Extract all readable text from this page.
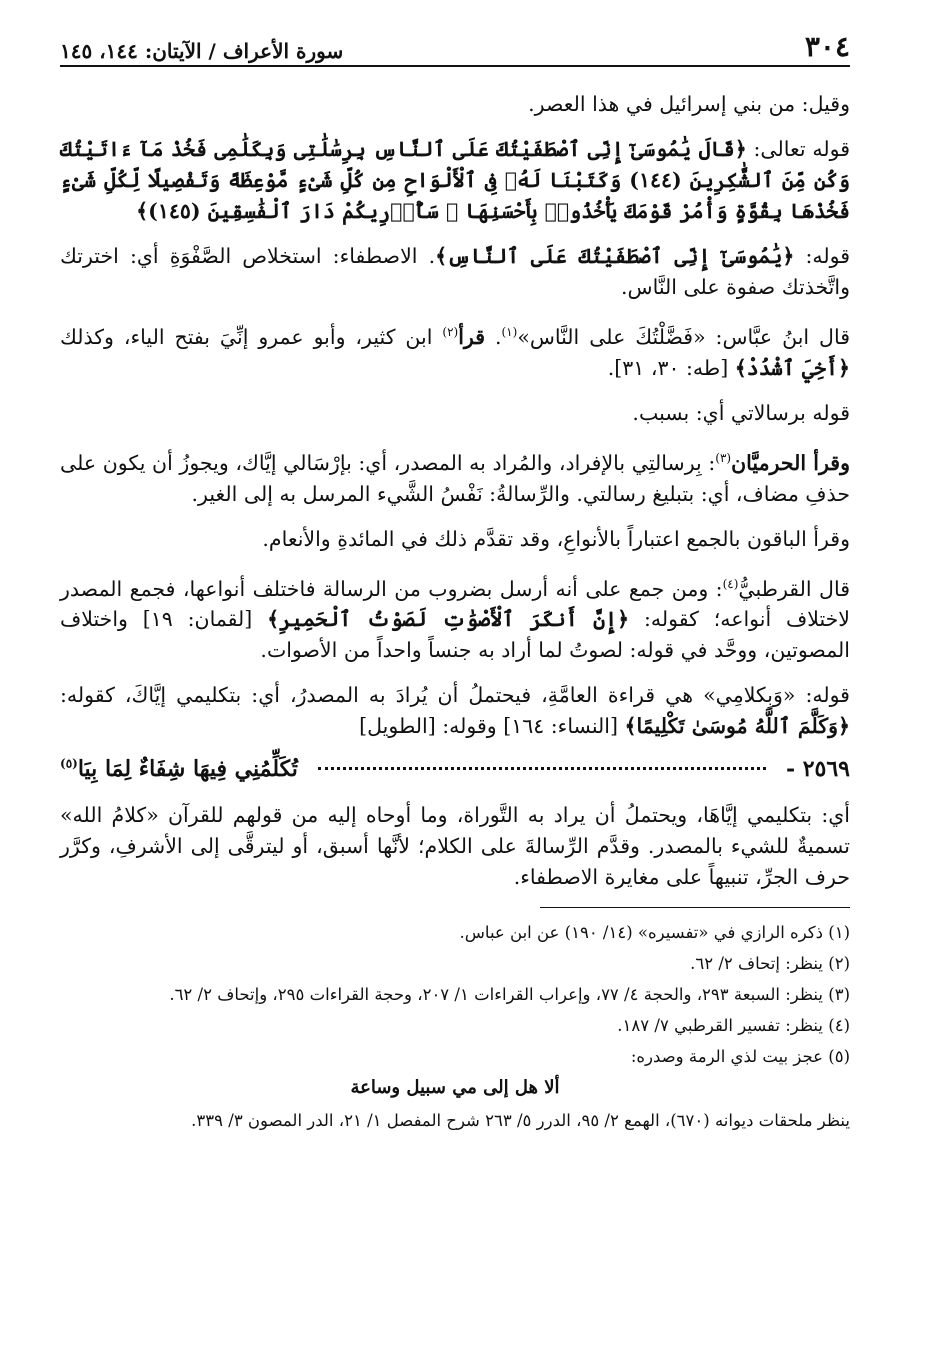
٣٠٤
سورة الأعراف / الآيتان: ١٤٤، ١٤٥

وقيل: من بني إسرائيل في هذا العصر.

قوله تعالى: ﴿قَالَ يَٰمُوسَىٰٓ إِنِّى ٱصْطَفَيْتُكَ عَلَى ٱلنَّاسِ بِرِسَٰلَٰتِى وَبِكَلَٰمِى فَخُذْ مَآ ءَاتَيْتُكَ وَكُن مِّنَ ٱلشَّٰكِرِينَ (١٤٤) وَكَتَبْنَا لَهُۥ فِى ٱلْأَلْوَاحِ مِن كُلِّ شَىْءٍ مَّوْعِظَةً وَتَفْصِيلًا لِّكُلِّ شَىْءٍ فَخُذْهَا بِقُوَّةٍ وَأْمُرْ قَوْمَكَ يَأْخُذُوا۟ بِأَحْسَنِهَا ۚ سَأُو۟رِيكُمْ دَارَ ٱلْفَٰسِقِينَ (١٤٥)﴾

قوله: ﴿يَٰمُوسَىٰٓ إِنِّى ٱصْطَفَيْتُكَ عَلَى ٱلنَّاسِ﴾. الاصطفاء: استخلاص الصَّفْوَةِ أي: اخترتك واتَّخذتك صفوة على النَّاس.

قال ابنُ عبَّاس: «فَضَّلْتُكَ على النَّاس»$^{(١)}$. قرأ$^{(٢)}$ ابن كثير، وأبو عمرو إنِّيَ بفتح الياء، وكذلك ﴿أَخِيَ ٱشْدُدْ﴾ [طه: ٣٠، ٣١].

قوله برسالاتي أي: بسبب.

وقرأ الحرميَّان$^{(٣)}$: بِرسالتِي بالإفراد، والمُراد به المصدر، أي: بإرْسَالي إيَّاك، ويجوزُ أن يكون على حذفِ مضاف، أي: بتبليغ رسالتي. والرِّسالةُ: نَفْسُ الشَّيء المرسل به إلى الغير.

وقرأ الباقون بالجمع اعتباراً بالأنواعِ، وقد تقدَّم ذلك في المائدةِ والأنعام.

قال القرطبيُّ$^{(٤)}$: ومن جمع على أنه أرسل بضروب من الرسالة فاختلف أنواعها، فجمع المصدر لاختلاف أنواعه؛ كقوله: ﴿إِنَّ أَنكَرَ ٱلْأَصْوَٰتِ لَصَوْتُ ٱلْحَمِيرِ﴾ [لقمان: ١٩] واختلاف المصوتين، ووحَّد في قوله: لصوتُ لما أراد به جنساً واحداً من الأصوات.

قوله: «وَبِكلامِي» هي قراءة العامَّةِ، فيحتملُ أن يُرادَ به المصدرُ، أي: بتكليمي إيَّاكَ، كقوله: ﴿وَكَلَّمَ ٱللَّهُ مُوسَىٰ تَكْلِيمًا﴾ [النساء: ١٦٤] وقوله: [الطويل]

٢٥٦٩ -
تُكَلِّمُنِي فِيهَا شِفَاءٌ لِمَا بِيَا$^{(٥)}$

أي: بتكليمي إيَّاهَا، ويحتملُ أن يراد به التَّوراة، وما أوحاه إليه من قولهم للقرآن «كلامُ الله» تسميةٌ للشيء بالمصدر. وقدَّم الرِّسالةَ على الكلام؛ لأنَّها أسبق، أو ليترقَّى إلى الأشرفِ، وكرَّر حرف الجرِّ، تنبيهاً على مغايرة الاصطفاء.

(١) ذكره الرازي في «تفسيره» (١٤/ ١٩٠) عن ابن عباس.

(٢) ينظر: إتحاف ٢/ ٦٢.

(٣) ينظر: السبعة ٢٩٣، والحجة ٤/ ٧٧، وإعراب القراءات ١/ ٢٠٧، وحجة القراءات ٢٩٥، وإتحاف ٢/ ٦٢.

(٤) ينظر: تفسير القرطبي ٧/ ١٨٧.

(٥) عجز بيت لذي الرمة وصدره:

ألا هل إلى مي سبيل وساعة

ينظر ملحقات ديوانه (٦٧٠)، الهمع ٢/ ٩٥، الدرر ٥/ ٢٦٣ شرح المفصل ١/ ٢١، الدر المصون ٣/ ٣٣٩.
